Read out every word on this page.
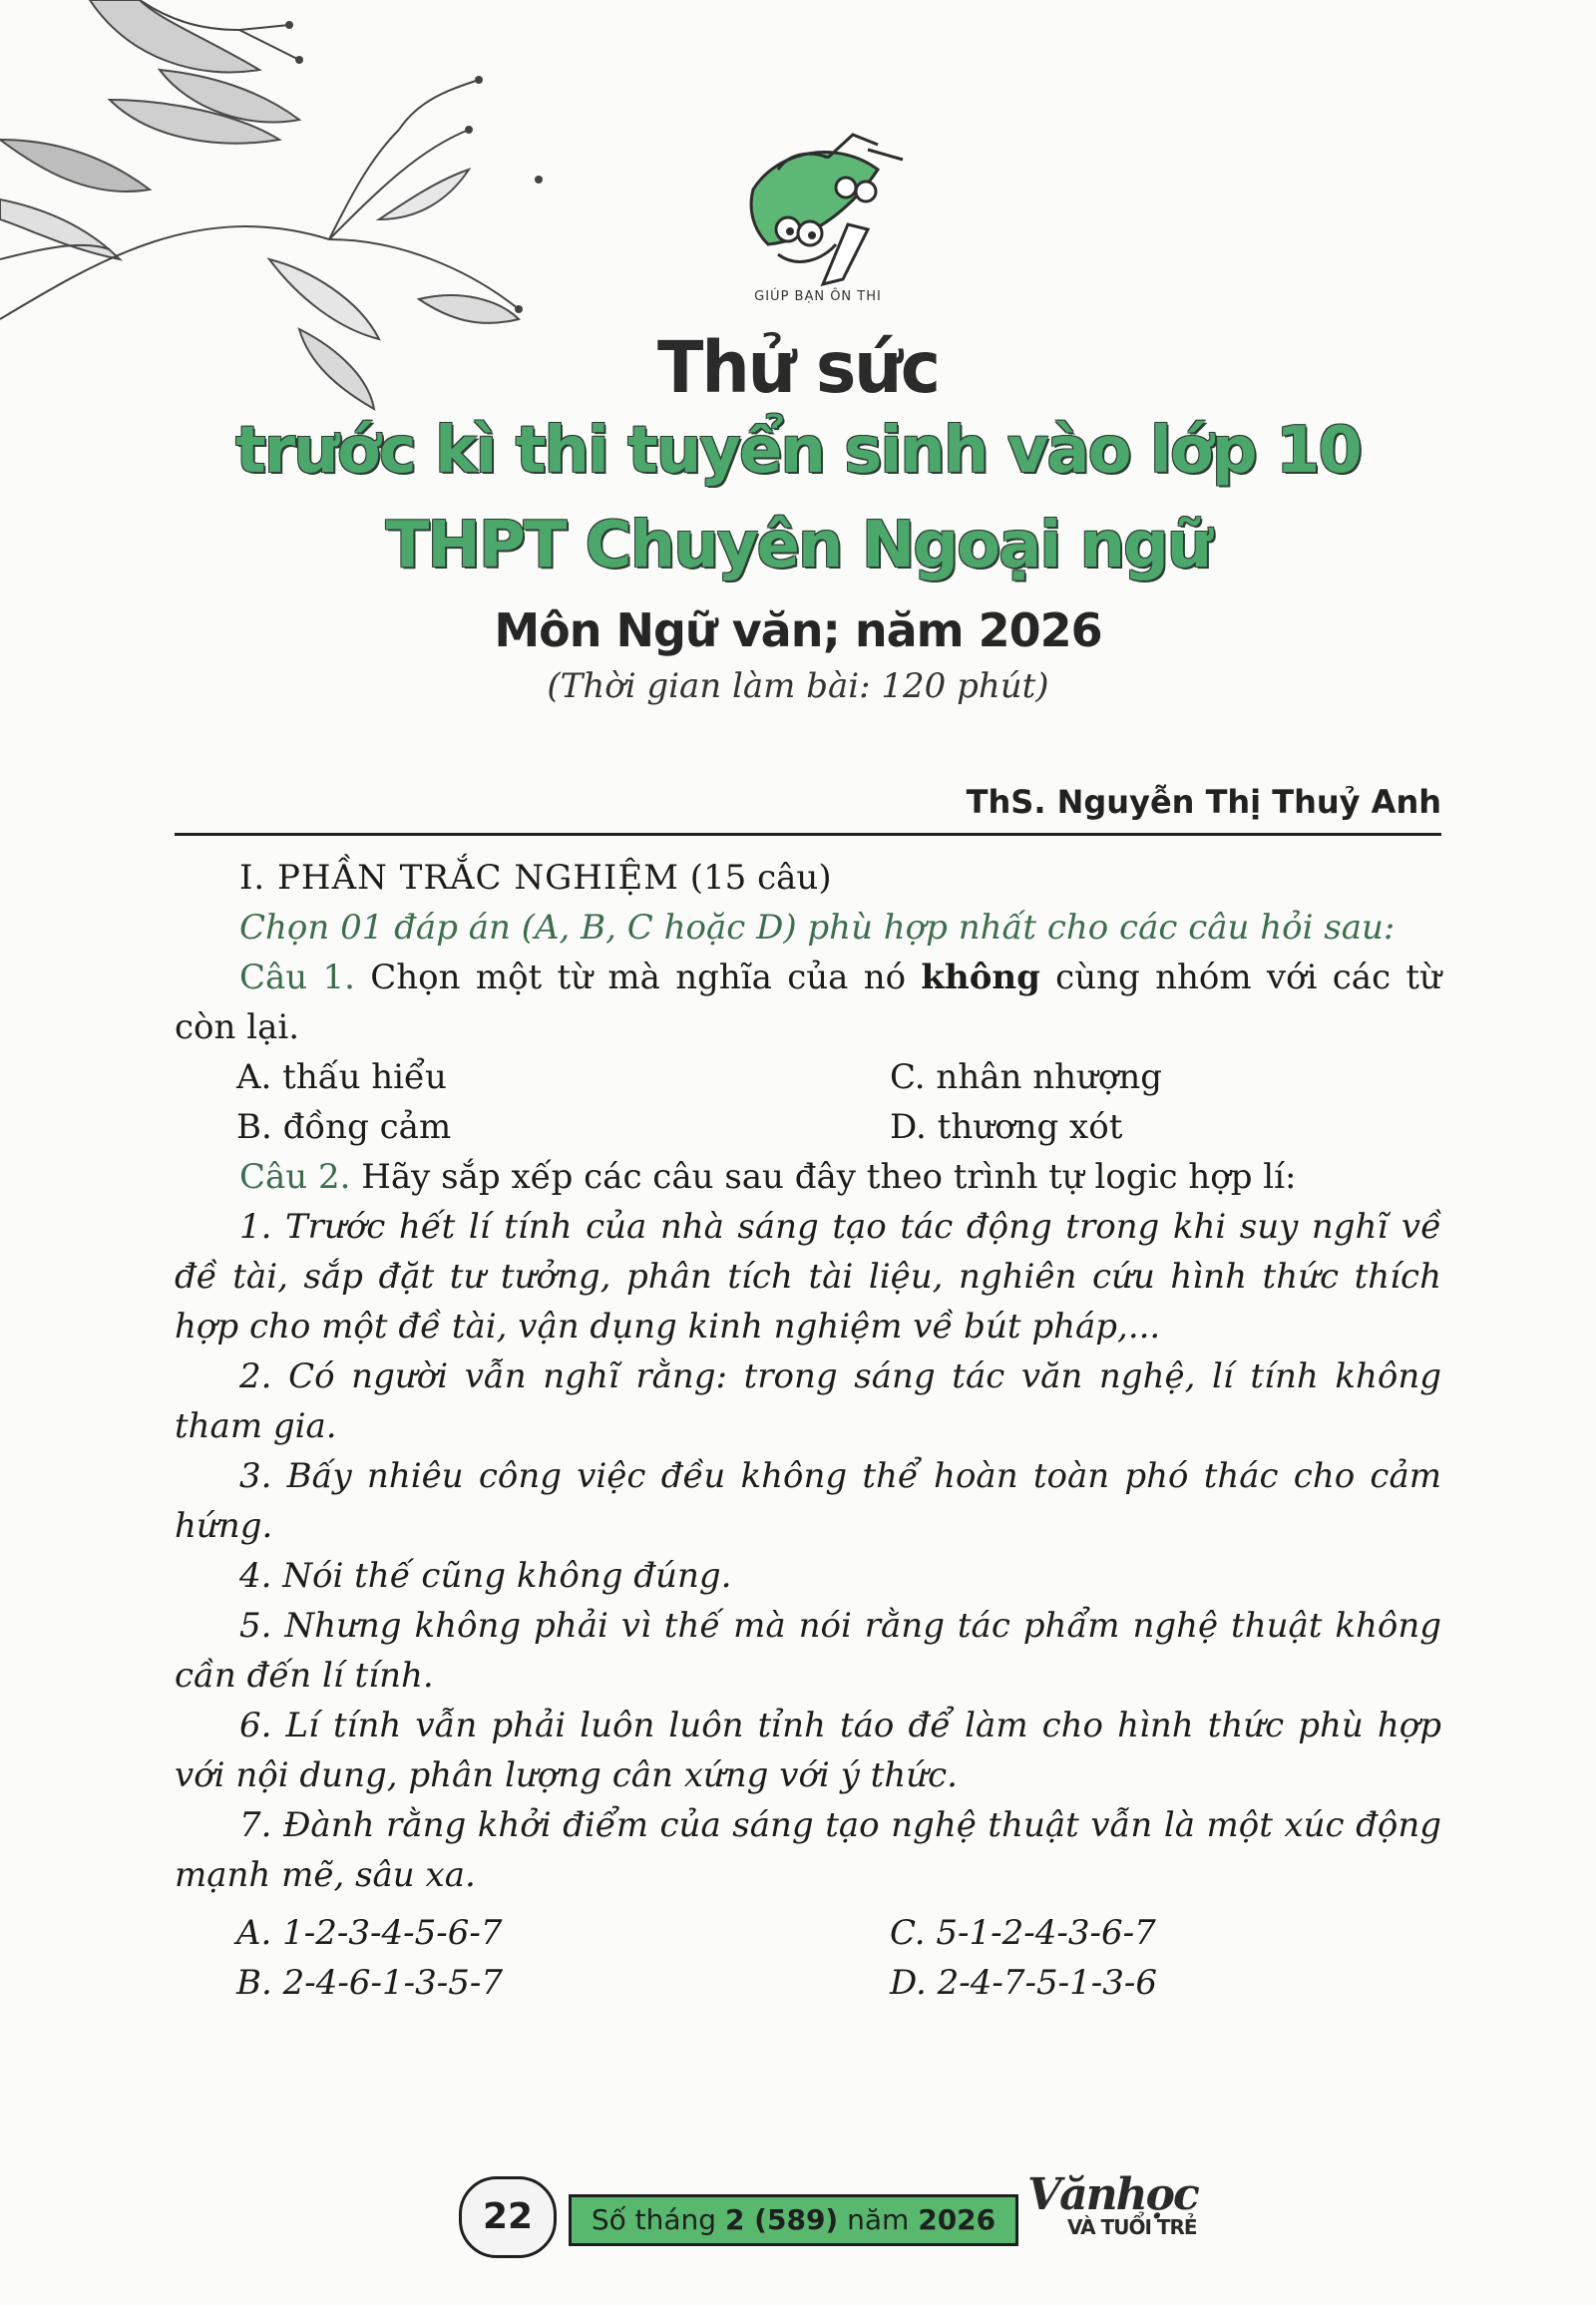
GIÚP BẠN ÔN THI
Thử sức
trước kì thi tuyển sinh vào lớp 10
THPT Chuyên Ngoại ngữ
Môn Ngữ văn; năm 2026
(Thời gian làm bài: 120 phút)
ThS. Nguyễn Thị Thuỷ Anh

I. PHẦN TRẮC NGHIỆM (15 câu)

Chọn 01 đáp án (A, B, C hoặc D) phù hợp nhất cho các câu hỏi sau:

Câu 1. Chọn một từ mà nghĩa của nó không cùng nhóm với các từ còn lại.

A. thấu hiểu	C. nhân nhượng
B. đồng cảm	D. thương xót

Câu 2. Hãy sắp xếp các câu sau đây theo trình tự logic hợp lí:

1. Trước hết lí tính của nhà sáng tạo tác động trong khi suy nghĩ về đề tài, sắp đặt tư tưởng, phân tích tài liệu, nghiên cứu hình thức thích hợp cho một đề tài, vận dụng kinh nghiệm về bút pháp,...

2. Có người vẫn nghĩ rằng: trong sáng tác văn nghệ, lí tính không tham gia.

3. Bấy nhiêu công việc đều không thể hoàn toàn phó thác cho cảm hứng.

4. Nói thế cũng không đúng.

5. Nhưng không phải vì thế mà nói rằng tác phẩm nghệ thuật không cần đến lí tính.

6. Lí tính vẫn phải luôn luôn tỉnh táo để làm cho hình thức phù hợp với nội dung, phân lượng cân xứng với ý thức.

7. Đành rằng khởi điểm của sáng tạo nghệ thuật vẫn là một xúc động mạnh mẽ, sâu xa.

A. 1-2-3-4-5-6-7	C. 5-1-2-4-3-6-7
B. 2-4-6-1-3-5-7	D. 2-4-7-5-1-3-6
22	Số tháng 2 (589) năm 2026 Vănhọc
VÀ TUỔI TRẺ
